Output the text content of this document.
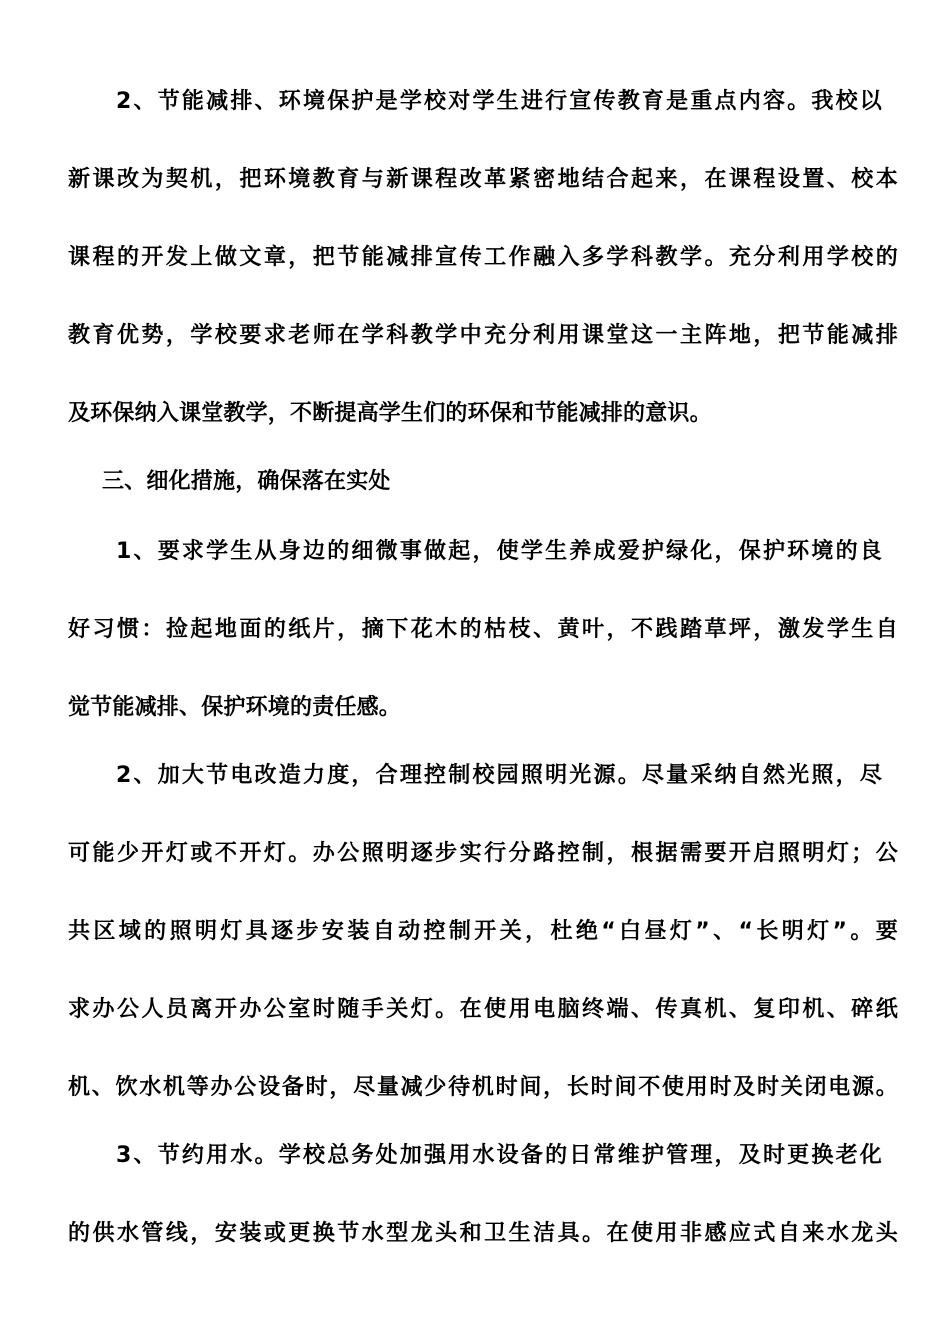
2、节能减排、环境保护是学校对学生进行宣传教育是重点内容。我校以
新课改为契机，把环境教育与新课程改革紧密地结合起来，在课程设置、校本
课程的开发上做文章，把节能减排宣传工作融入多学科教学。充分利用学校的
教育优势，学校要求老师在学科教学中充分利用课堂这一主阵地，把节能减排
及环保纳入课堂教学，不断提高学生们的环保和节能减排的意识。
三、细化措施，确保落在实处
1、要求学生从身边的细微事做起，使学生养成爱护绿化，保护环境的良
好习惯：捡起地面的纸片，摘下花木的枯枝、黄叶，不践踏草坪，激发学生自
觉节能减排、保护环境的责任感。
2、加大节电改造力度，合理控制校园照明光源。尽量采纳自然光照，尽
可能少开灯或不开灯。办公照明逐步实行分路控制，根据需要开启照明灯；公
共区域的照明灯具逐步安装自动控制开关，杜绝“白昼灯”、“长明灯”。要
求办公人员离开办公室时随手关灯。在使用电脑终端、传真机、复印机、碎纸
机、饮水机等办公设备时，尽量减少待机时间，长时间不使用时及时关闭电源。
3、节约用水。学校总务处加强用水设备的日常维护管理，及时更换老化
的供水管线，安装或更换节水型龙头和卫生洁具。在使用非感应式自来水龙头
